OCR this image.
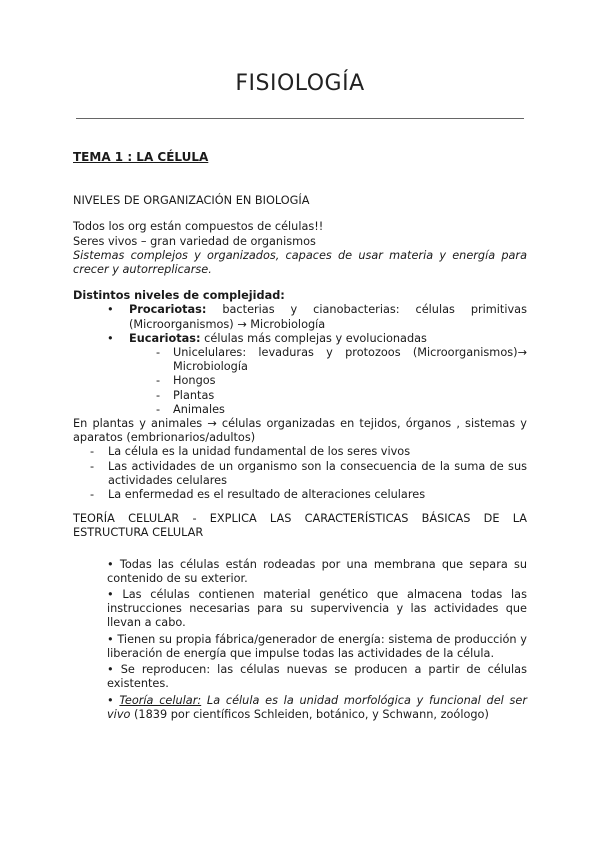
FISIOLOGÍA

TEMA 1 : LA CÉLULA

NIVELES DE ORGANIZACIÓN EN BIOLOGÍA

Todos los org están compuestos de células!!

Seres vivos – gran variedad de organismos

Sistemas complejos y organizados, capaces de usar materia y energía para crecer y autorreplicarse.

Distintos niveles de complejidad:

• Procariotas: bacterias y cianobacterias: células primitivas (Microorganismos) → Microbiología
• Eucariotas: células más complejas y evolucionadas
- Unicelulares: levaduras y protozoos (Microorganismos)→ Microbiología
- Hongos
- Plantas
- Animales

En plantas y animales → células organizadas en tejidos, órganos , sistemas y aparatos (embrionarios/adultos)

- La célula es la unidad fundamental de los seres vivos
- Las actividades de un organismo son la consecuencia de la suma de sus actividades celulares
- La enfermedad es el resultado de alteraciones celulares

TEORÍA CELULAR - EXPLICA LAS CARACTERÍSTICAS BÁSICAS DE LA ESTRUCTURA CELULAR

• Todas las células están rodeadas por una membrana que separa su contenido de su exterior.

• Las células contienen material genético que almacena todas las instrucciones necesarias para su supervivencia y las actividades que llevan a cabo.

• Tienen su propia fábrica/generador de energía: sistema de producción y liberación de energía que impulse todas las actividades de la célula.

• Se reproducen: las células nuevas se producen a partir de células existentes.

• Teoría celular: La célula es la unidad morfológica y funcional del ser vivo (1839 por científicos Schleiden, botánico, y Schwann, zoólogo)
